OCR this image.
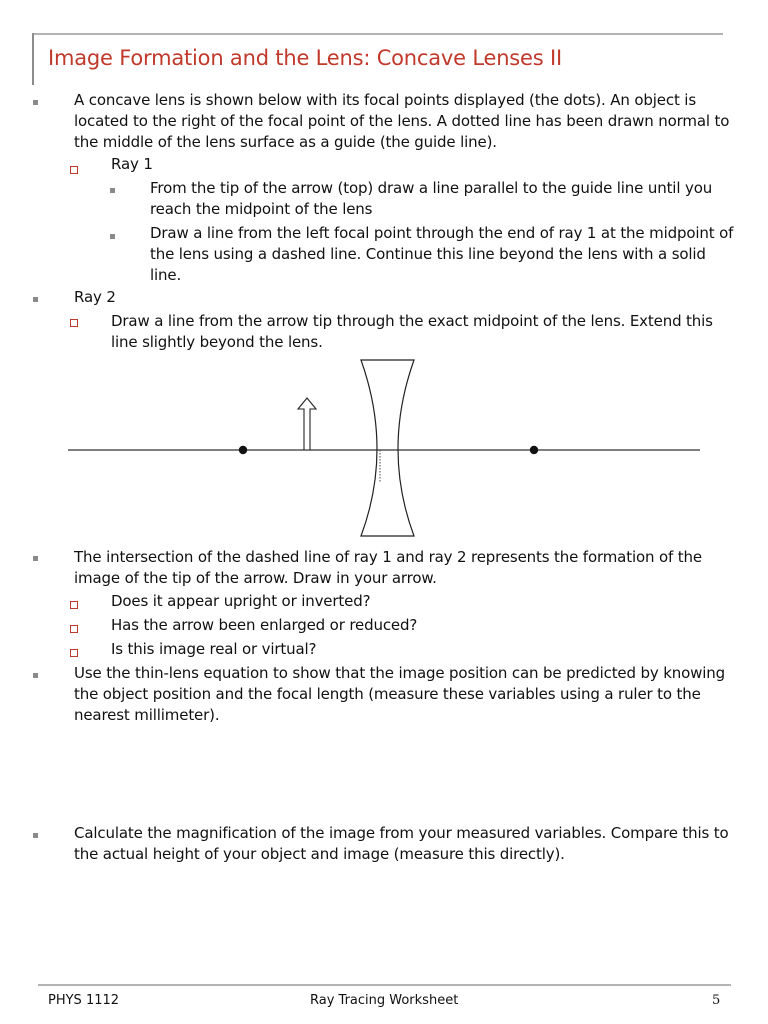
Image Formation and the Lens: Concave Lenses II
A concave lens is shown below with its focal points displayed (the dots). An object is located to the right of the focal point of the lens. A dotted line has been drawn normal to the middle of the lens surface as a guide (the guide line).
Ray 1
From the tip of the arrow (top) draw a line parallel to the guide line until you reach the midpoint of the lens
Draw a line from the left focal point through the end of ray 1 at the midpoint of the lens using a dashed line. Continue this line beyond the lens with a solid line.
Ray 2
Draw a line from the arrow tip through the exact midpoint of the lens. Extend this line slightly beyond the lens.
The intersection of the dashed line of ray 1 and ray 2 represents the formation of the image of the tip of the arrow. Draw in your arrow.
Does it appear upright or inverted?
Has the arrow been enlarged or reduced?
Is this image real or virtual?
Use the thin-lens equation to show that the image position can be predicted by knowing the object position and the focal length (measure these variables using a ruler to the nearest millimeter).
Calculate the magnification of the image from your measured variables. Compare this to the actual height of your object and image (measure this directly).
PHYS 1112	Ray Tracing Worksheet	5
